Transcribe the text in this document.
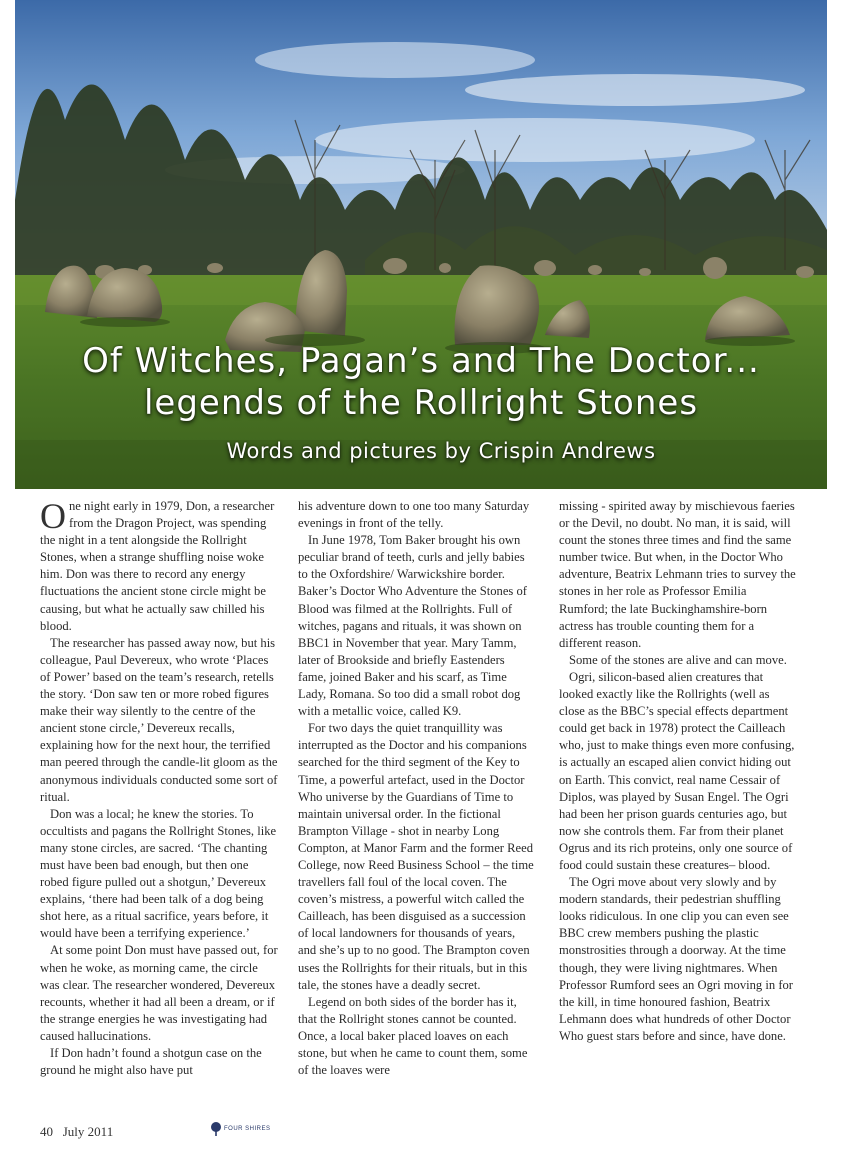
Of Witches, Pagan’s and The Doctor...
legends of the Rollright Stones
Words and pictures by Crispin Andrews

One night early in 1979, Don, a researcher from the Dragon Project, was spending the night in a tent alongside the Rollright Stones, when a strange shuffling noise woke him. Don was there to record any energy fluctuations the ancient stone circle might be causing, but what he actually saw chilled his blood.

The researcher has passed away now, but his colleague, Paul Devereux, who wrote ‘Places of Power’ based on the team’s research, retells the story. ‘Don saw ten or more robed figures make their way silently to the centre of the ancient stone circle,’ Devereux recalls, explaining how for the next hour, the terrified man peered through the candle-lit gloom as the anonymous individuals conducted some sort of ritual.

Don was a local; he knew the stories. To occultists and pagans the Rollright Stones, like many stone circles, are sacred. ‘The chanting must have been bad enough, but then one robed figure pulled out a shotgun,’ Devereux explains, ‘there had been talk of a dog being shot here, as a ritual sacrifice, years before, it would have been a terrifying experience.’

At some point Don must have passed out, for when he woke, as morning came, the circle was clear. The researcher wondered, Devereux recounts, whether it had all been a dream, or if the strange energies he was investigating had caused hallucinations.

If Don hadn’t found a shotgun case on the ground he might also have put

his adventure down to one too many Saturday evenings in front of the telly.

In June 1978, Tom Baker brought his own peculiar brand of teeth, curls and jelly babies to the Oxfordshire/ Warwickshire border. Baker’s Doctor Who Adventure the Stones of Blood was filmed at the Rollrights. Full of witches, pagans and rituals, it was shown on BBC1 in November that year. Mary Tamm, later of Brookside and briefly Eastenders fame, joined Baker and his scarf, as Time Lady, Romana. So too did a small robot dog with a metallic voice, called K9.

For two days the quiet tranquillity was interrupted as the Doctor and his companions searched for the third segment of the Key to Time, a powerful artefact, used in the Doctor Who universe by the Guardians of Time to maintain universal order. In the fictional Brampton Village - shot in nearby Long Compton, at Manor Farm and the former Reed College, now Reed Business School – the time travellers fall foul of the local coven. The coven’s mistress, a powerful witch called the Cailleach, has been disguised as a succession of local landowners for thousands of years, and she’s up to no good. The Brampton coven uses the Rollrights for their rituals, but in this tale, the stones have a deadly secret.

Legend on both sides of the border has it, that the Rollright stones cannot be counted. Once, a local baker placed loaves on each stone, but when he came to count them, some of the loaves were

missing - spirited away by mischievous faeries or the Devil, no doubt. No man, it is said, will count the stones three times and find the same number twice. But when, in the Doctor Who adventure, Beatrix Lehmann tries to survey the stones in her role as Professor Emilia Rumford; the late Buckinghamshire-born actress has trouble counting them for a different reason.

Some of the stones are alive and can move.

Ogri, silicon-based alien creatures that looked exactly like the Rollrights (well as close as the BBC’s special effects department could get back in 1978) protect the Cailleach who, just to make things even more confusing, is actually an escaped alien convict hiding out on Earth. This convict, real name Cessair of Diplos, was played by Susan Engel. The Ogri had been her prison guards centuries ago, but now she controls them. Far from their planet Ogrus and its rich proteins, only one source of food could sustain these creatures– blood.

The Ogri move about very slowly and by modern standards, their pedestrian shuffling looks ridiculous. In one clip you can even see BBC crew members pushing the plastic monstrosities through a doorway. At the time though, they were living nightmares. When Professor Rumford sees an Ogri moving in for the kill, in time honoured fashion, Beatrix Lehmann does what hundreds of other Doctor Who guest stars before and since, have done.

40 July 2011	FOUR SHIRES
